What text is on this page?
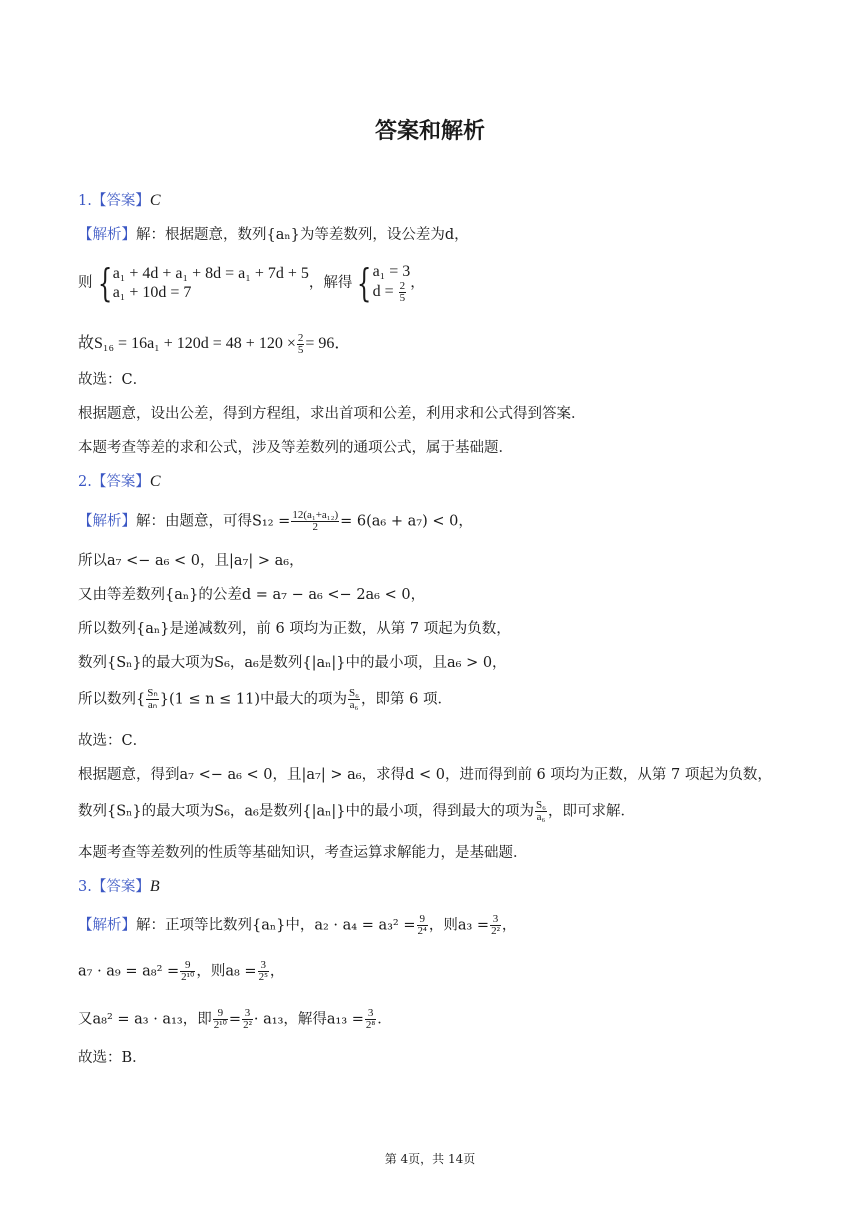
答案和解析
1.【答案】C
【解析】解：根据题意，数列{aₙ}为等差数列，设公差为d，
则 { a₁ + 4d + a₁ + 8d = a₁ + 7d + 5
a₁ + 10d = 7
，解得 { a₁ = 3
$d = \frac{2}{5}$ ，
故$S_{16} = 16a_1 + 120d = 48 + 120 \times \frac{2}{5} = 96$．
故选：C．
根据题意，设出公差，得到方程组，求出首项和公差，利用求和公式得到答案．
本题考查等差的求和公式，涉及等差数列的通项公式，属于基础题．
2.【答案】C
【解析】解：由题意，可得$S_{12} = \frac{\text{12(a₁+a₁₂)}}{2} = 6(a_6 + a_7) < 0$，
所以a₇ <− a₆ < 0，且|a₇| > a₆，
又由等差数列{aₙ}的公差d = a₇ − a₆ <− 2a₆ < 0，
所以数列{aₙ}是递减数列，前 6 项均为正数，从第 7 项起为负数，
数列{Sₙ}的最大项为S₆，a₆是数列{|aₙ|}中的最小项，且a₆ > 0，
所以数列{ $\frac{\text{Sₙ}}{\text{aₙ}} \}(1 \le n \le 11)$中最大的项为 $\frac{\text{S₆}}{\text{a₆}}$ ，即第 6 项．
故选：C．
根据题意，得到a₇ <− a₆ < 0，且|a₇| > a₆，求得d < 0，进而得到前 6 项均为正数，从第 7 项起为负数，
数列{Sₙ}的最大项为S₆，a₆是数列{|aₙ|}中的最小项，得到最大的项为 $\frac{\text{S₆}}{\text{a₆}}$ ，即可求解．
本题考查等差数列的性质等基础知识，考查运算求解能力，是基础题．
3.【答案】B
【解析】解：正项等比数列{aₙ}中，$a_2 \cdot a_4 = a_3^2 = \frac{9}{\text{2⁴}}$ ，则$a_3 = \frac{3}{\text{2²}}$ ，
$a_7 \cdot a_9 = a_8^2 = \frac{9}{\text{2¹⁰}}$ ，则$a_8 = \frac{3}{\text{2⁵}}$ ，
又a₈² = a₃ · a₁₃，即 $\frac{9}{\text{2¹⁰}} = \frac{3}{\text{2²}} \cdot a_{13}$，解得$a_{13} = \frac{3}{\text{2⁸}}$ ．
故选：B．
第 4页，共 14页
